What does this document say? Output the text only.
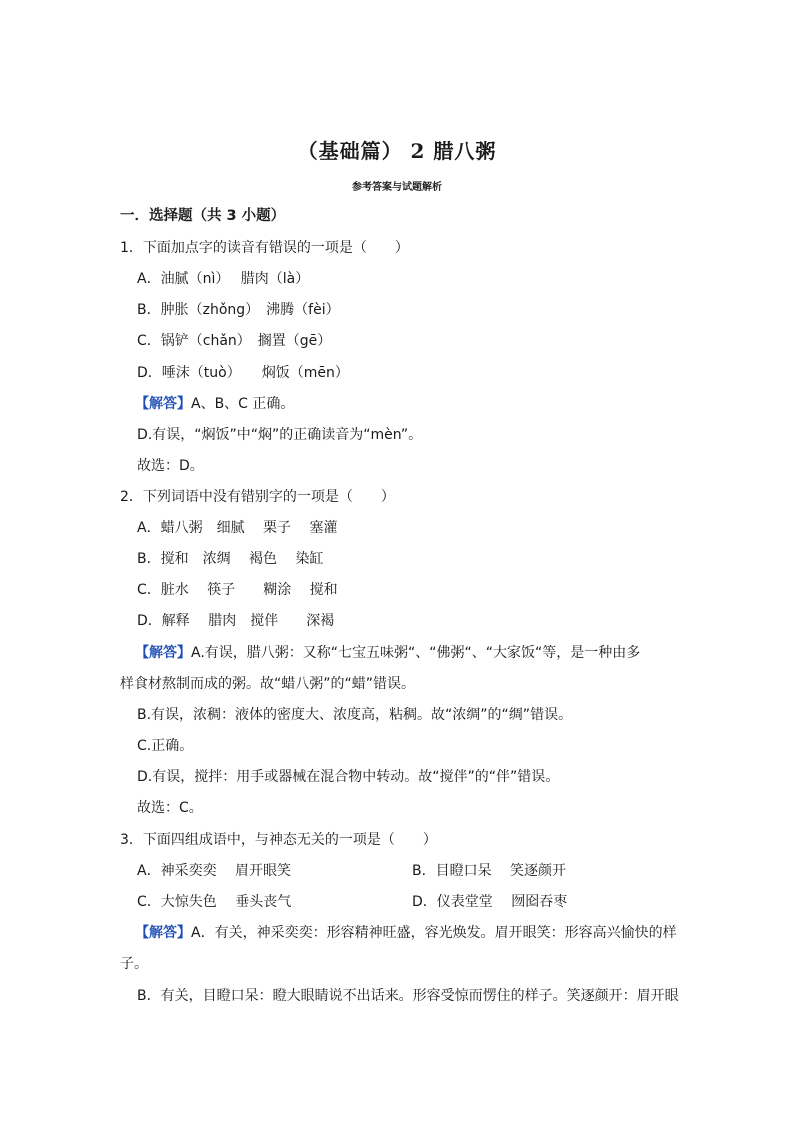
（基础篇） 2 腊八粥
参考答案与试题解析
一．选择题（共 3 小题）
1．下面加点字的读音有错误的一项是（　　）
A．油腻（nì）　 腊肉（là）
B．肿胀（zhǒng）　沸腾（fèi）
C．锅铲（chǎn）　搁置（gē）
D．唾沫（tuò）　　焖饭（mēn）
【解答】A、B、C 正确。
D.有误，“焖饭”中“焖”的正确读音为“mèn”。
故选：D。
2．下列词语中没有错别字的一项是（　　）
A．蜡八粥　细腻　 栗子　 塞灌
B．搅和　浓绸　 褐色　 染缸
C．脏水　 筷子　　糊涂　 搅和
D．解释　 腊肉　搅伴　　深褐
【解答】A.有误，腊八粥：又称“七宝五味粥“、“佛粥“、“大家饭“等，是一种由多
样食材熬制而成的粥。故“蜡八粥”的“蜡”错误。
B.有误，浓稠：液体的密度大、浓度高，粘稠。故“浓绸”的“绸”错误。
C.正确。
D.有误，搅拌：用手或器械在混合物中转动。故“搅伴”的“伴”错误。
故选：C。
3．下面四组成语中，与神态无关的一项是（　　）
A．神采奕奕　 眉开眼笑	B．目瞪口呆　 笑逐颜开
C．大惊失色　 垂头丧气	D．仪表堂堂　 囫囵吞枣
【解答】A．有关，神采奕奕：形容精神旺盛，容光焕发。眉开眼笑：形容高兴愉快的样
子。
B．有关，目瞪口呆：瞪大眼睛说不出话来。形容受惊而愣住的样子。笑逐颜开：眉开眼
